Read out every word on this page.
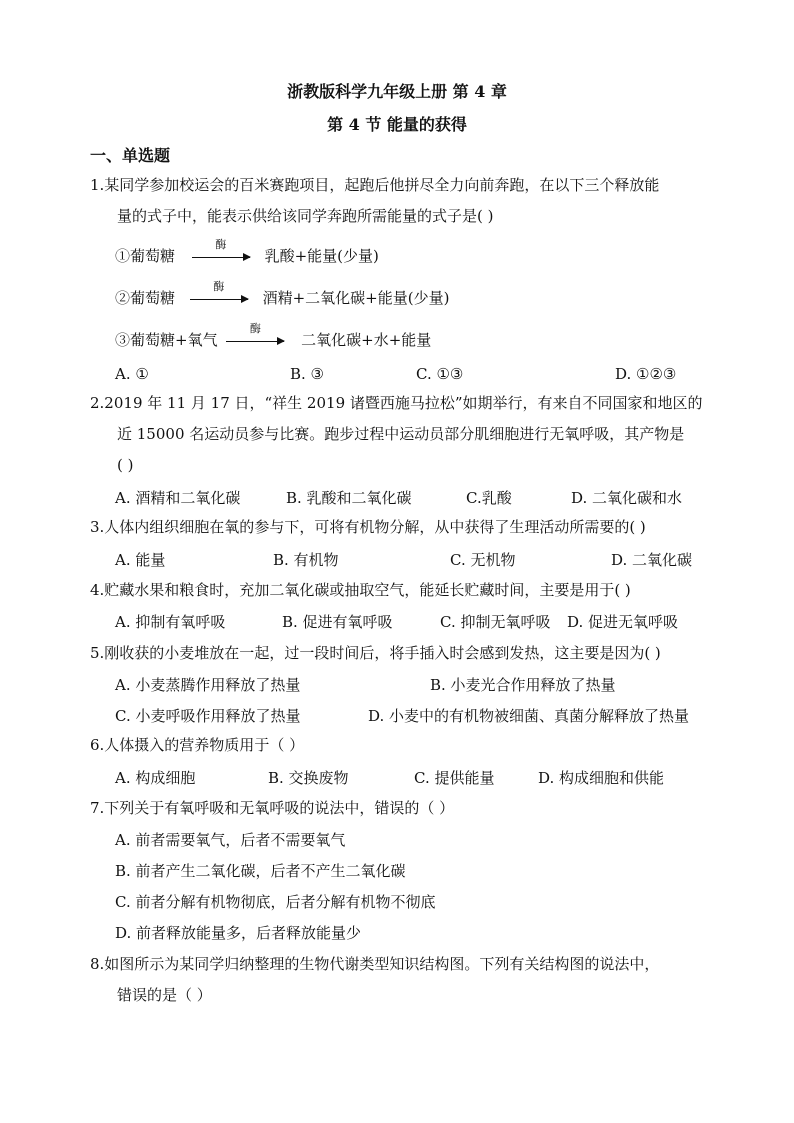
浙教版科学九年级上册 第 4 章
第 4 节 能量的获得
一、单选题
1.某同学参加校运会的百米赛跑项目，起跑后他拼尽全力向前奔跑，在以下三个释放能
量的式子中，能表示供给该同学奔跑所需能量的式子是( )
①葡萄糖
酶
乳酸+能量(少量)
②葡萄糖
酶
酒精+二氧化碳+能量(少量)
③葡萄糖+氧气
酶
二氧化碳+水+能量
A. ①	B. ③	C. ①③	D. ①②③
2.2019 年 11 月 17 日，“祥生 2019 诸暨西施马拉松”如期举行，有来自不同国家和地区的
近 15000 名运动员参与比赛。跑步过程中运动员部分肌细胞进行无氧呼吸，其产物是
( )
A. 酒精和二氧化碳	B. 乳酸和二氧化碳	C.乳酸	D. 二氧化碳和水
3.人体内组织细胞在氧的参与下，可将有机物分解，从中获得了生理活动所需要的( )
A. 能量	B. 有机物	C. 无机物	D. 二氧化碳
4.贮藏水果和粮食时，充加二氧化碳或抽取空气，能延长贮藏时间，主要是用于( )
A. 抑制有氧呼吸	B. 促进有氧呼吸	C. 抑制无氧呼吸 D. 促进无氧呼吸
5.刚收获的小麦堆放在一起，过一段时间后，将手插入时会感到发热，这主要是因为( )
A. 小麦蒸腾作用释放了热量	B. 小麦光合作用释放了热量
C. 小麦呼吸作用释放了热量	D. 小麦中的有机物被细菌、真菌分解释放了热量
6.人体摄入的营养物质用于（ ）
A. 构成细胞	B. 交换废物	C. 提供能量	D. 构成细胞和供能
7.下列关于有氧呼吸和无氧呼吸的说法中，错误的（ ）
A. 前者需要氧气，后者不需要氧气
B. 前者产生二氧化碳，后者不产生二氧化碳
C. 前者分解有机物彻底，后者分解有机物不彻底
D. 前者释放能量多，后者释放能量少
8.如图所示为某同学归纳整理的生物代谢类型知识结构图。下列有关结构图的说法中，
错误的是（ ）
